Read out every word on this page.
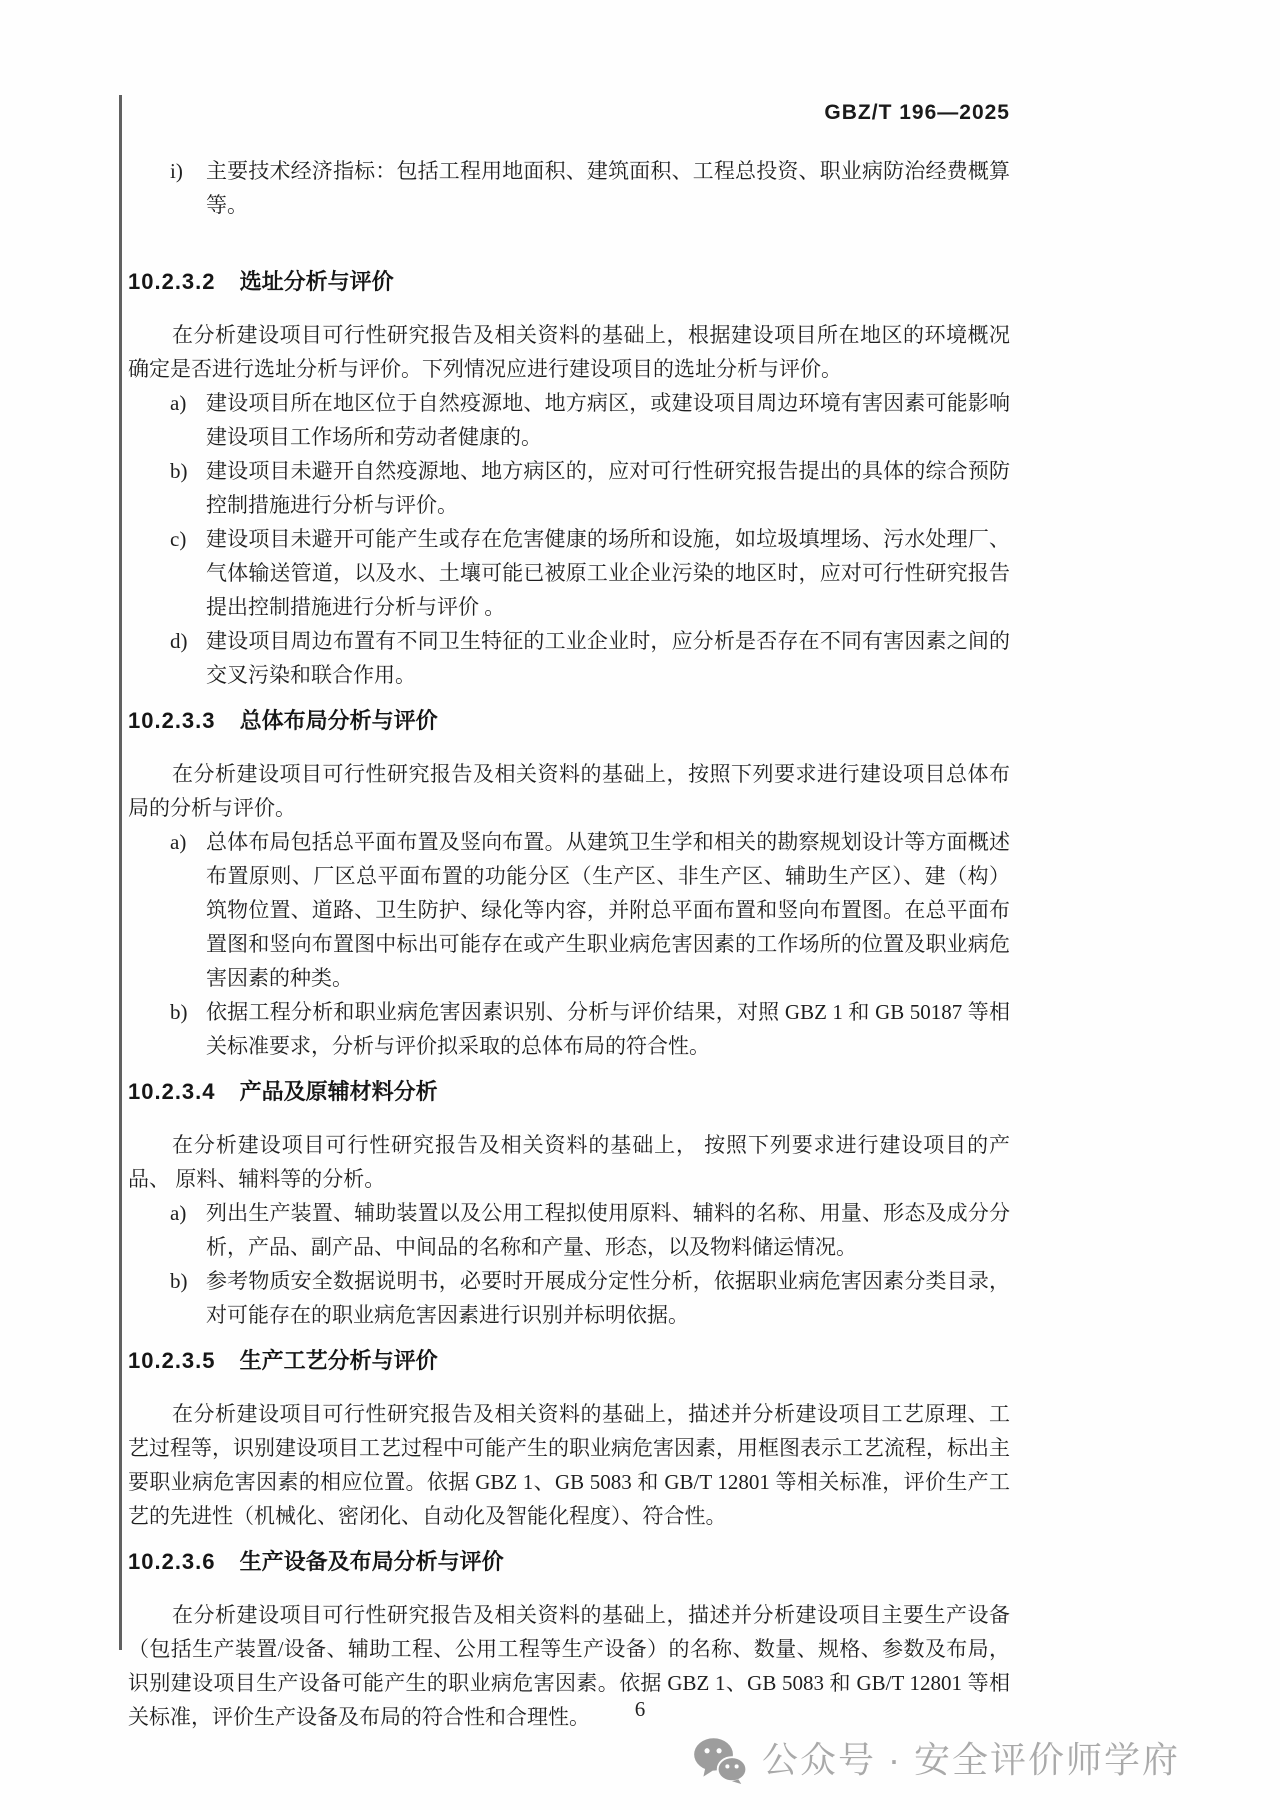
GBZ/T 196—2025
i)	主要技术经济指标：包括工程用地面积、建筑面积、工程总投资、职业病防治经费概算等。
10.2.3.2 选址分析与评价

在分析建设项目可行性研究报告及相关资料的基础上，根据建设项目所在地区的环境概况确定是否进行选址分析与评价。下列情况应进行建设项目的选址分析与评价。

a) 建设项目所在地区位于自然疫源地、地方病区，或建设项目周边环境有害因素可能影响建设项目工作场所和劳动者健康的。
b) 建设项目未避开自然疫源地、地方病区的，应对可行性研究报告提出的具体的综合预防控制措施进行分析与评价。
c) 建设项目未避开可能产生或存在危害健康的场所和设施，如垃圾填埋场、污水处理厂、气体输送管道，以及水、土壤可能已被原工业企业污染的地区时，应对可行性研究报告提出控制措施进行分析与评价 。
d) 建设项目周边布置有不同卫生特征的工业企业时，应分析是否存在不同有害因素之间的交叉污染和联合作用。
10.2.3.3 总体布局分析与评价

在分析建设项目可行性研究报告及相关资料的基础上，按照下列要求进行建设项目总体布局的分析与评价。

a) 总体布局包括总平面布置及竖向布置。从建筑卫生学和相关的勘察规划设计等方面概述布置原则、厂区总平面布置的功能分区（生产区、非生产区、辅助生产区）、建（构）筑物位置、道路、卫生防护、绿化等内容，并附总平面布置和竖向布置图。在总平面布置图和竖向布置图中标出可能存在或产生职业病危害因素的工作场所的位置及职业病危害因素的种类。
b) 依据工程分析和职业病危害因素识别、分析与评价结果，对照 GBZ 1 和 GB 50187 等相关标准要求，分析与评价拟采取的总体布局的符合性。
10.2.3.4 产品及原辅材料分析

在分析建设项目可行性研究报告及相关资料的基础上， 按照下列要求进行建设项目的产品、 原料、辅料等的分析。

a) 列出生产装置、辅助装置以及公用工程拟使用原料、辅料的名称、用量、形态及成分分析，产品、副产品、中间品的名称和产量、形态，以及物料储运情况。
b) 参考物质安全数据说明书，必要时开展成分定性分析，依据职业病危害因素分类目录，对可能存在的职业病危害因素进行识别并标明依据。
10.2.3.5 生产工艺分析与评价

在分析建设项目可行性研究报告及相关资料的基础上，描述并分析建设项目工艺原理、工艺过程等，识别建设项目工艺过程中可能产生的职业病危害因素，用框图表示工艺流程，标出主要职业病危害因素的相应位置。依据 GBZ 1、GB 5083 和 GB/T 12801 等相关标准，评价生产工艺的先进性（机械化、密闭化、自动化及智能化程度）、符合性。

10.2.3.6 生产设备及布局分析与评价

在分析建设项目可行性研究报告及相关资料的基础上，描述并分析建设项目主要生产设备（包括生产装置/设备、辅助工程、公用工程等生产设备）的名称、数量、规格、参数及布局，识别建设项目生产设备可能产生的职业病危害因素。依据 GBZ 1、GB 5083 和 GB/T 12801 等相关标准，评价生产设备及布局的符合性和合理性。	6
公众号 · 安全评价师学府
